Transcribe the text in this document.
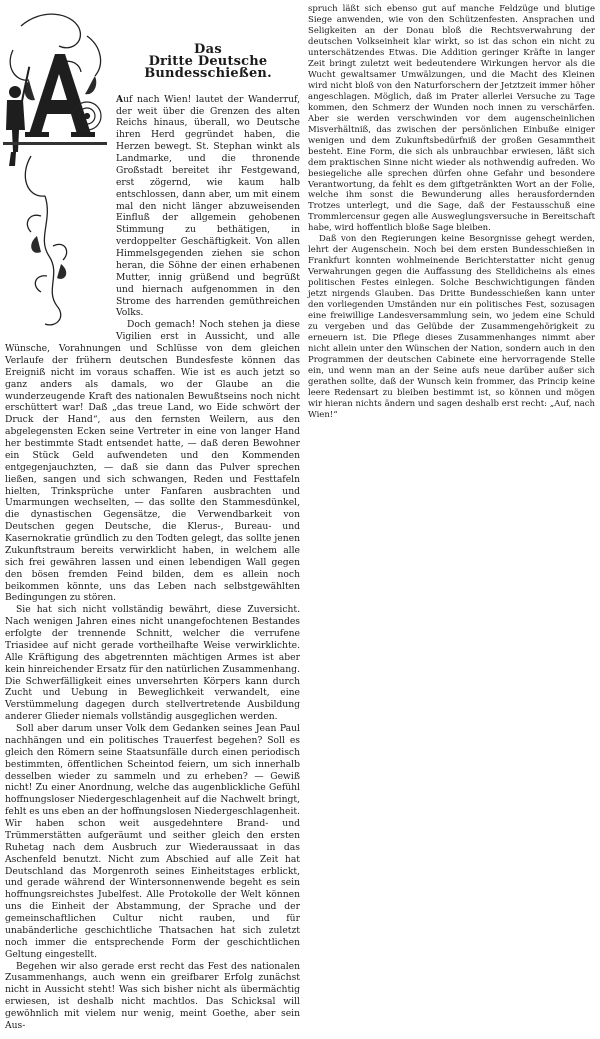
Das
Dritte Deutsche Bundesschießen.

Auf nach Wien! lautet der Wanderruf, der weit über die Grenzen des alten Reichs hinaus, überall, wo Deutsche ihren Herd gegründet haben, die Herzen bewegt. St. Stephan winkt als Landmarke, und die thronende Großstadt bereitet ihr Festgewand, erst zögernd, wie kaum halb entschlossen, dann aber, um mit einem mal den nicht länger abzuweisenden Einfluß der allgemein gehobenen Stimmung zu bethätigen, in verdoppelter Geschäftigkeit. Von allen Himmelsgegenden ziehen sie schon heran, die Söhne der einen erhabenen Mutter, innig grüßend und begrüßt und hiernach aufgenommen in den Strome des harrenden gemüthreichen Volks.

Doch gemach! Noch stehen ja diese Vigilien erst in Aussicht, und alle Wünsche, Vorahnungen und Schlüsse von dem gleichen Verlaufe der frühern deutschen Bundesfeste können das Ereigniß nicht im voraus schaffen. Wie ist es auch jetzt so ganz anders als damals, wo der Glaube an die wunderzeugende Kraft des nationalen Bewußtseins noch nicht erschüttert war! Daß „das treue Land, wo Eide schwört der Druck der Hand“, aus den fernsten Weilern, aus den abgelegensten Ecken seine Vertreter in eine von langer Hand her bestimmte Stadt entsendet hatte, — daß deren Bewohner ein Stück Geld aufwendeten und den Kommenden entgegenjauchzten, — daß sie dann das Pulver sprechen ließen, sangen und sich schwangen, Reden und Festtafeln hielten, Trinksprüche unter Fanfaren ausbrachten und Umarmungen wechselten, — das sollte den Stammesdünkel, die dynastischen Gegensätze, die Verwendbarkeit von Deutschen gegen Deutsche, die Klerus-, Bureau- und Kasernokratie gründlich zu den Todten gelegt, das sollte jenen Zukunftstraum bereits verwirklicht haben, in welchem alle sich frei gewähren lassen und einen lebendigen Wall gegen den bösen fremden Feind bilden, dem es allein noch beikommen könnte, uns das Leben nach selbstgewählten Bedingungen zu stören.

Sie hat sich nicht vollständig bewährt, diese Zuversicht. Nach wenigen Jahren eines nicht unangefochtenen Bestandes erfolgte der trennende Schnitt, welcher die verrufene Triasidee auf nicht gerade vortheilhafte Weise verwirklichte. Alle Kräftigung des abgetrennten mächtigen Armes ist aber kein hinreichender Ersatz für den natürlichen Zusammenhang. Die Schwerfälligkeit eines unversehrten Körpers kann durch Zucht und Uebung in Beweglichkeit verwandelt, eine Verstümmelung dagegen durch stellvertretende Ausbildung anderer Glieder niemals vollständig ausgeglichen werden.

Soll aber darum unser Volk dem Gedanken seines Jean Paul nachhängen und ein politisches Trauerfest begehen? Soll es gleich den Römern seine Staatsunfälle durch einen periodisch bestimmten, öffentlichen Scheintod feiern, um sich innerhalb desselben wieder zu sammeln und zu erheben? — Gewiß nicht! Zu einer Anordnung, welche das augenblickliche Gefühl hoffnungsloser Niedergeschlagenheit auf die Nachwelt bringt, fehlt es uns eben an der hoffnungslosen Niedergeschlagenheit. Wir haben schon weit ausgedehntere Brand- und Trümmerstätten aufgeräumt und seither gleich den ersten Ruhetag nach dem Ausbruch zur Wiederaussaat in das Aschenfeld benutzt. Nicht zum Abschied auf alle Zeit hat Deutschland das Morgenroth seines Einheitstages erblickt, und gerade während der Wintersonnenwende begeht es sein hoffnungsreichstes Jubelfest. Alle Protokolle der Welt können uns die Einheit der Abstammung, der Sprache und der gemeinschaftlichen Cultur nicht rauben, und für unabänderliche geschichtliche Thatsachen hat sich zuletzt noch immer die entsprechende Form der geschichtlichen Geltung eingestellt.

Begehen wir also gerade erst recht das Fest des nationalen Zusammenhangs, auch wenn ein greifbarer Erfolg zunächst nicht in Aussicht steht! Was sich bisher nicht als übermächtig erwiesen, ist deshalb nicht machtlos. Das Schicksal will gewöhnlich mit vielem nur wenig, meint Goethe, aber sein Aus-

spruch läßt sich ebenso gut auf manche Feldzüge und blutige Siege anwenden, wie von den Schützenfesten. Ansprachen und Seligkeiten an der Donau bloß die Rechtsverwahrung der deutschen Volkseinheit klar wirkt, so ist das schon ein nicht zu unterschätzendes Etwas. Die Addition geringer Kräfte in langer Zeit bringt zuletzt weit bedeutendere Wirkungen hervor als die Wucht gewaltsamer Umwälzungen, und die Macht des Kleinen wird nicht bloß von den Naturforschern der Jetztzeit immer höher angeschlagen. Möglich, daß im Prater allerlei Versuche zu Tage kommen, den Schmerz der Wunden noch innen zu verschärfen. Aber sie werden verschwinden vor dem augenscheinlichen Misverhältniß, das zwischen der persönlichen Einbuße einiger wenigen und dem Zukunftsbedürfniß der großen Gesammtheit besteht. Eine Form, die sich als unbrauchbar erwiesen, läßt sich dem praktischen Sinne nicht wieder als nothwendig aufreden. Wo besiegeliche alle sprechen dürfen ohne Gefahr und besondere Verantwortung, da fehlt es dem giftgetränkten Wort an der Folie, welche ihm sonst die Bewunderung alles herausfordernden Trotzes unterlegt, und die Sage, daß der Festausschuß eine Trommlercensur gegen alle Ausweglungsversuche in Bereitschaft habe, wird hoffentlich bloße Sage bleiben.

Daß von den Regierungen keine Besorgnisse gehegt werden, lehrt der Augenschein. Noch bei dem ersten Bundesschießen in Frankfurt konnten wohlmeinende Berichterstatter nicht genug Verwahrungen gegen die Auffassung des Stelldicheins als eines politischen Festes einlegen. Solche Beschwichtigungen fänden jetzt nirgends Glauben. Das Dritte Bundesschießen kann unter den vorliegenden Umständen nur ein politisches Fest, sozusagen eine freiwillige Landesversammlung sein, wo jedem eine Schuld zu vergeben und das Gelübde der Zusammengehörigkeit zu erneuern ist. Die Pflege dieses Zusammenhanges nimmt aber nicht allein unter den Wünschen der Nation, sondern auch in den Programmen der deutschen Cabinete eine hervorragende Stelle ein, und wenn man an der Seine aufs neue darüber außer sich gerathen sollte, daß der Wunsch kein frommer, das Princip keine leere Redensart zu bleiben bestimmt ist, so können und mögen wir hieran nichts ändern und sagen deshalb erst recht: „Auf, nach Wien!“
